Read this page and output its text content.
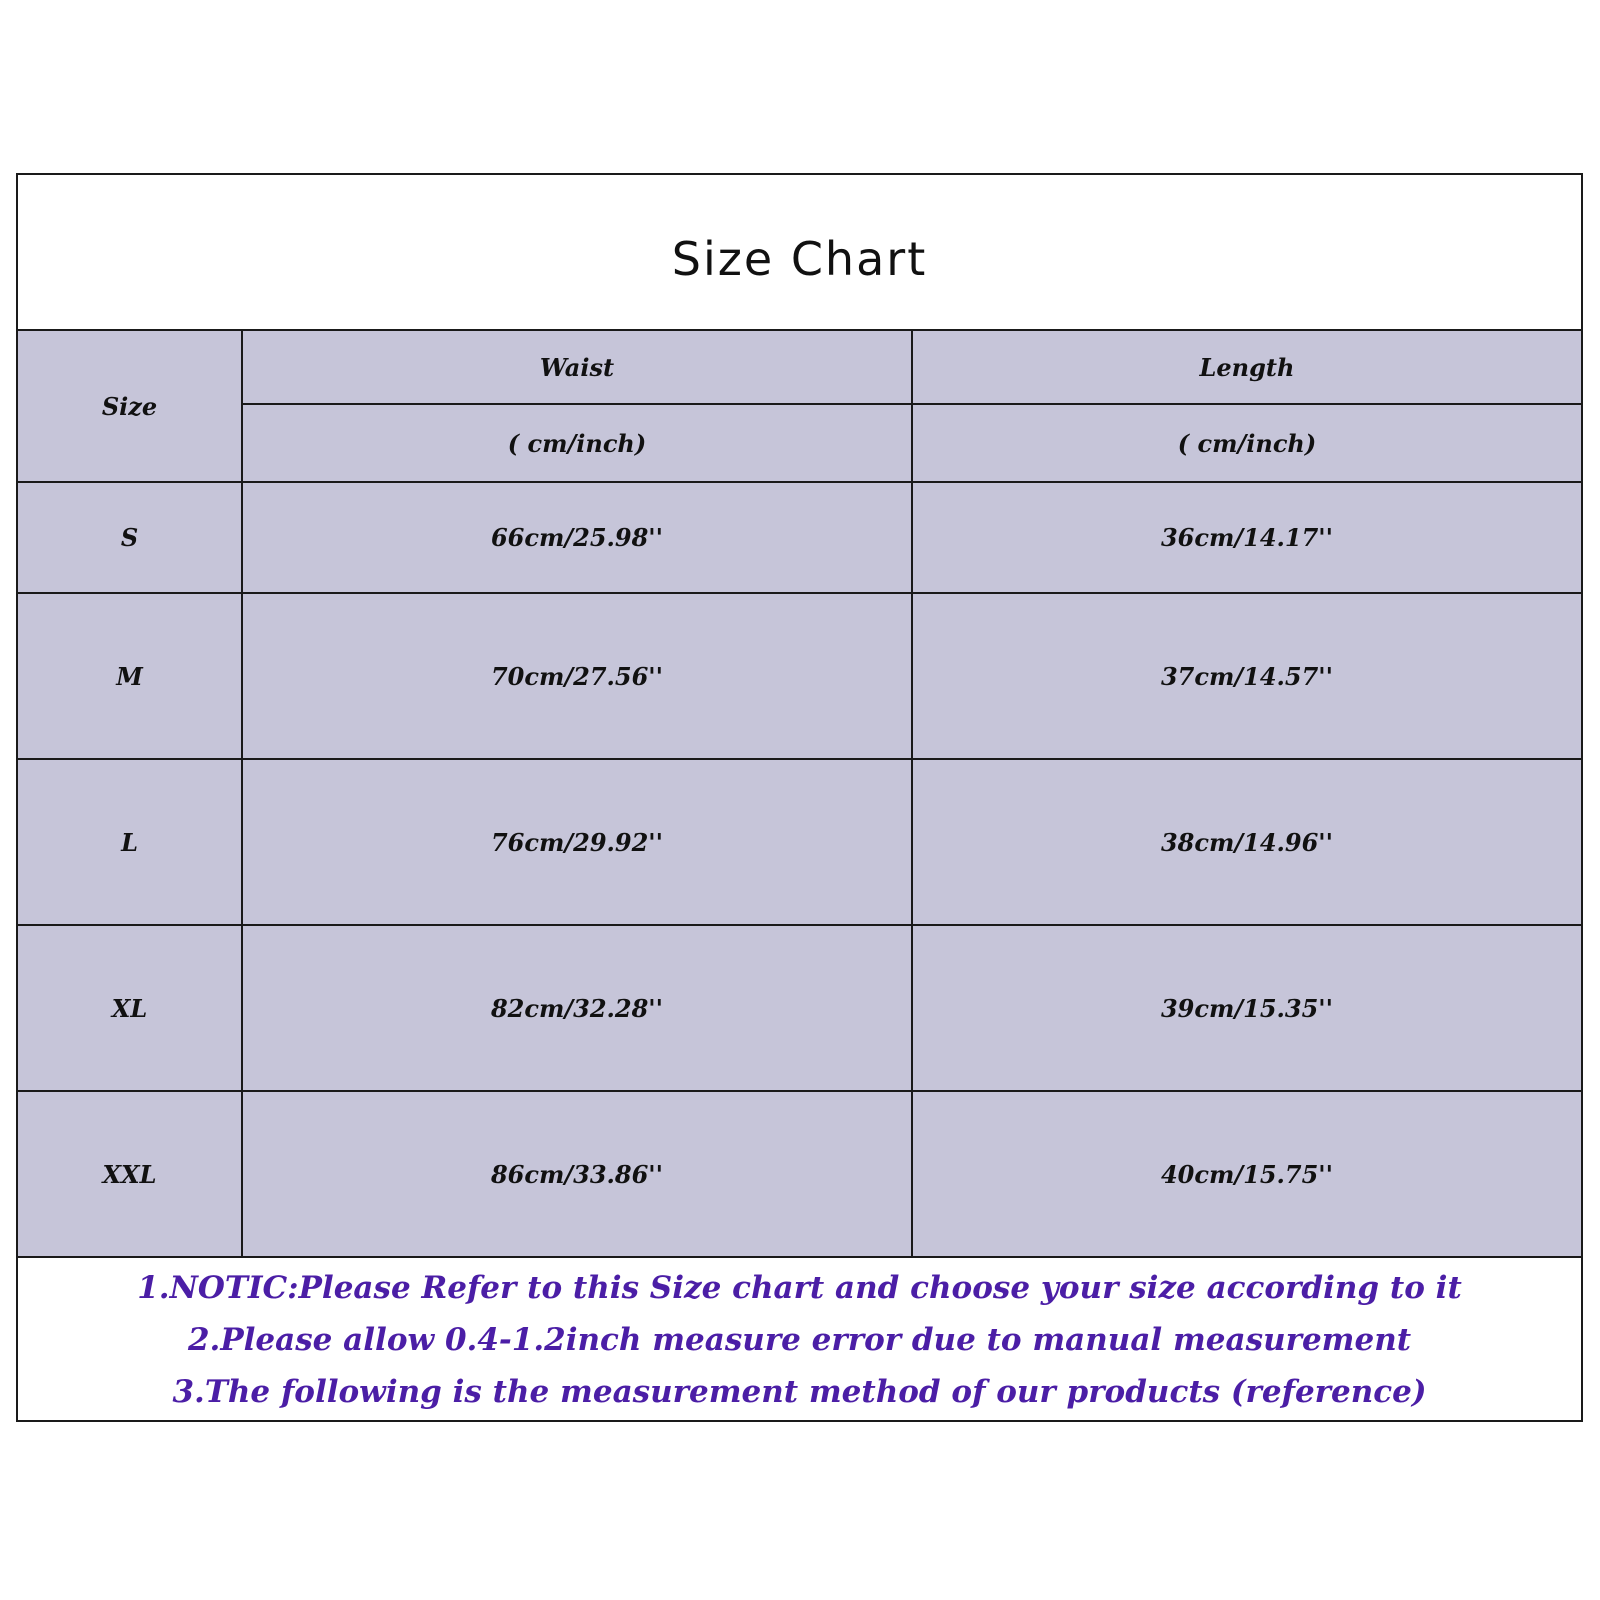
Size Chart
Size	Waist	Length
	( cm/inch)	( cm/inch)
S	66cm/25.98''	36cm/14.17''
M	70cm/27.56''	37cm/14.57''
L	76cm/29.92''	38cm/14.96''
XL	82cm/32.28''	39cm/15.35''
XXL	86cm/33.86''	40cm/15.75''
1.NOTIC:Please Refer to this Size chart and choose your size according to it
2.Please allow 0.4-1.2inch measure error due to manual measurement
3.The following is the measurement method of our products (reference)
